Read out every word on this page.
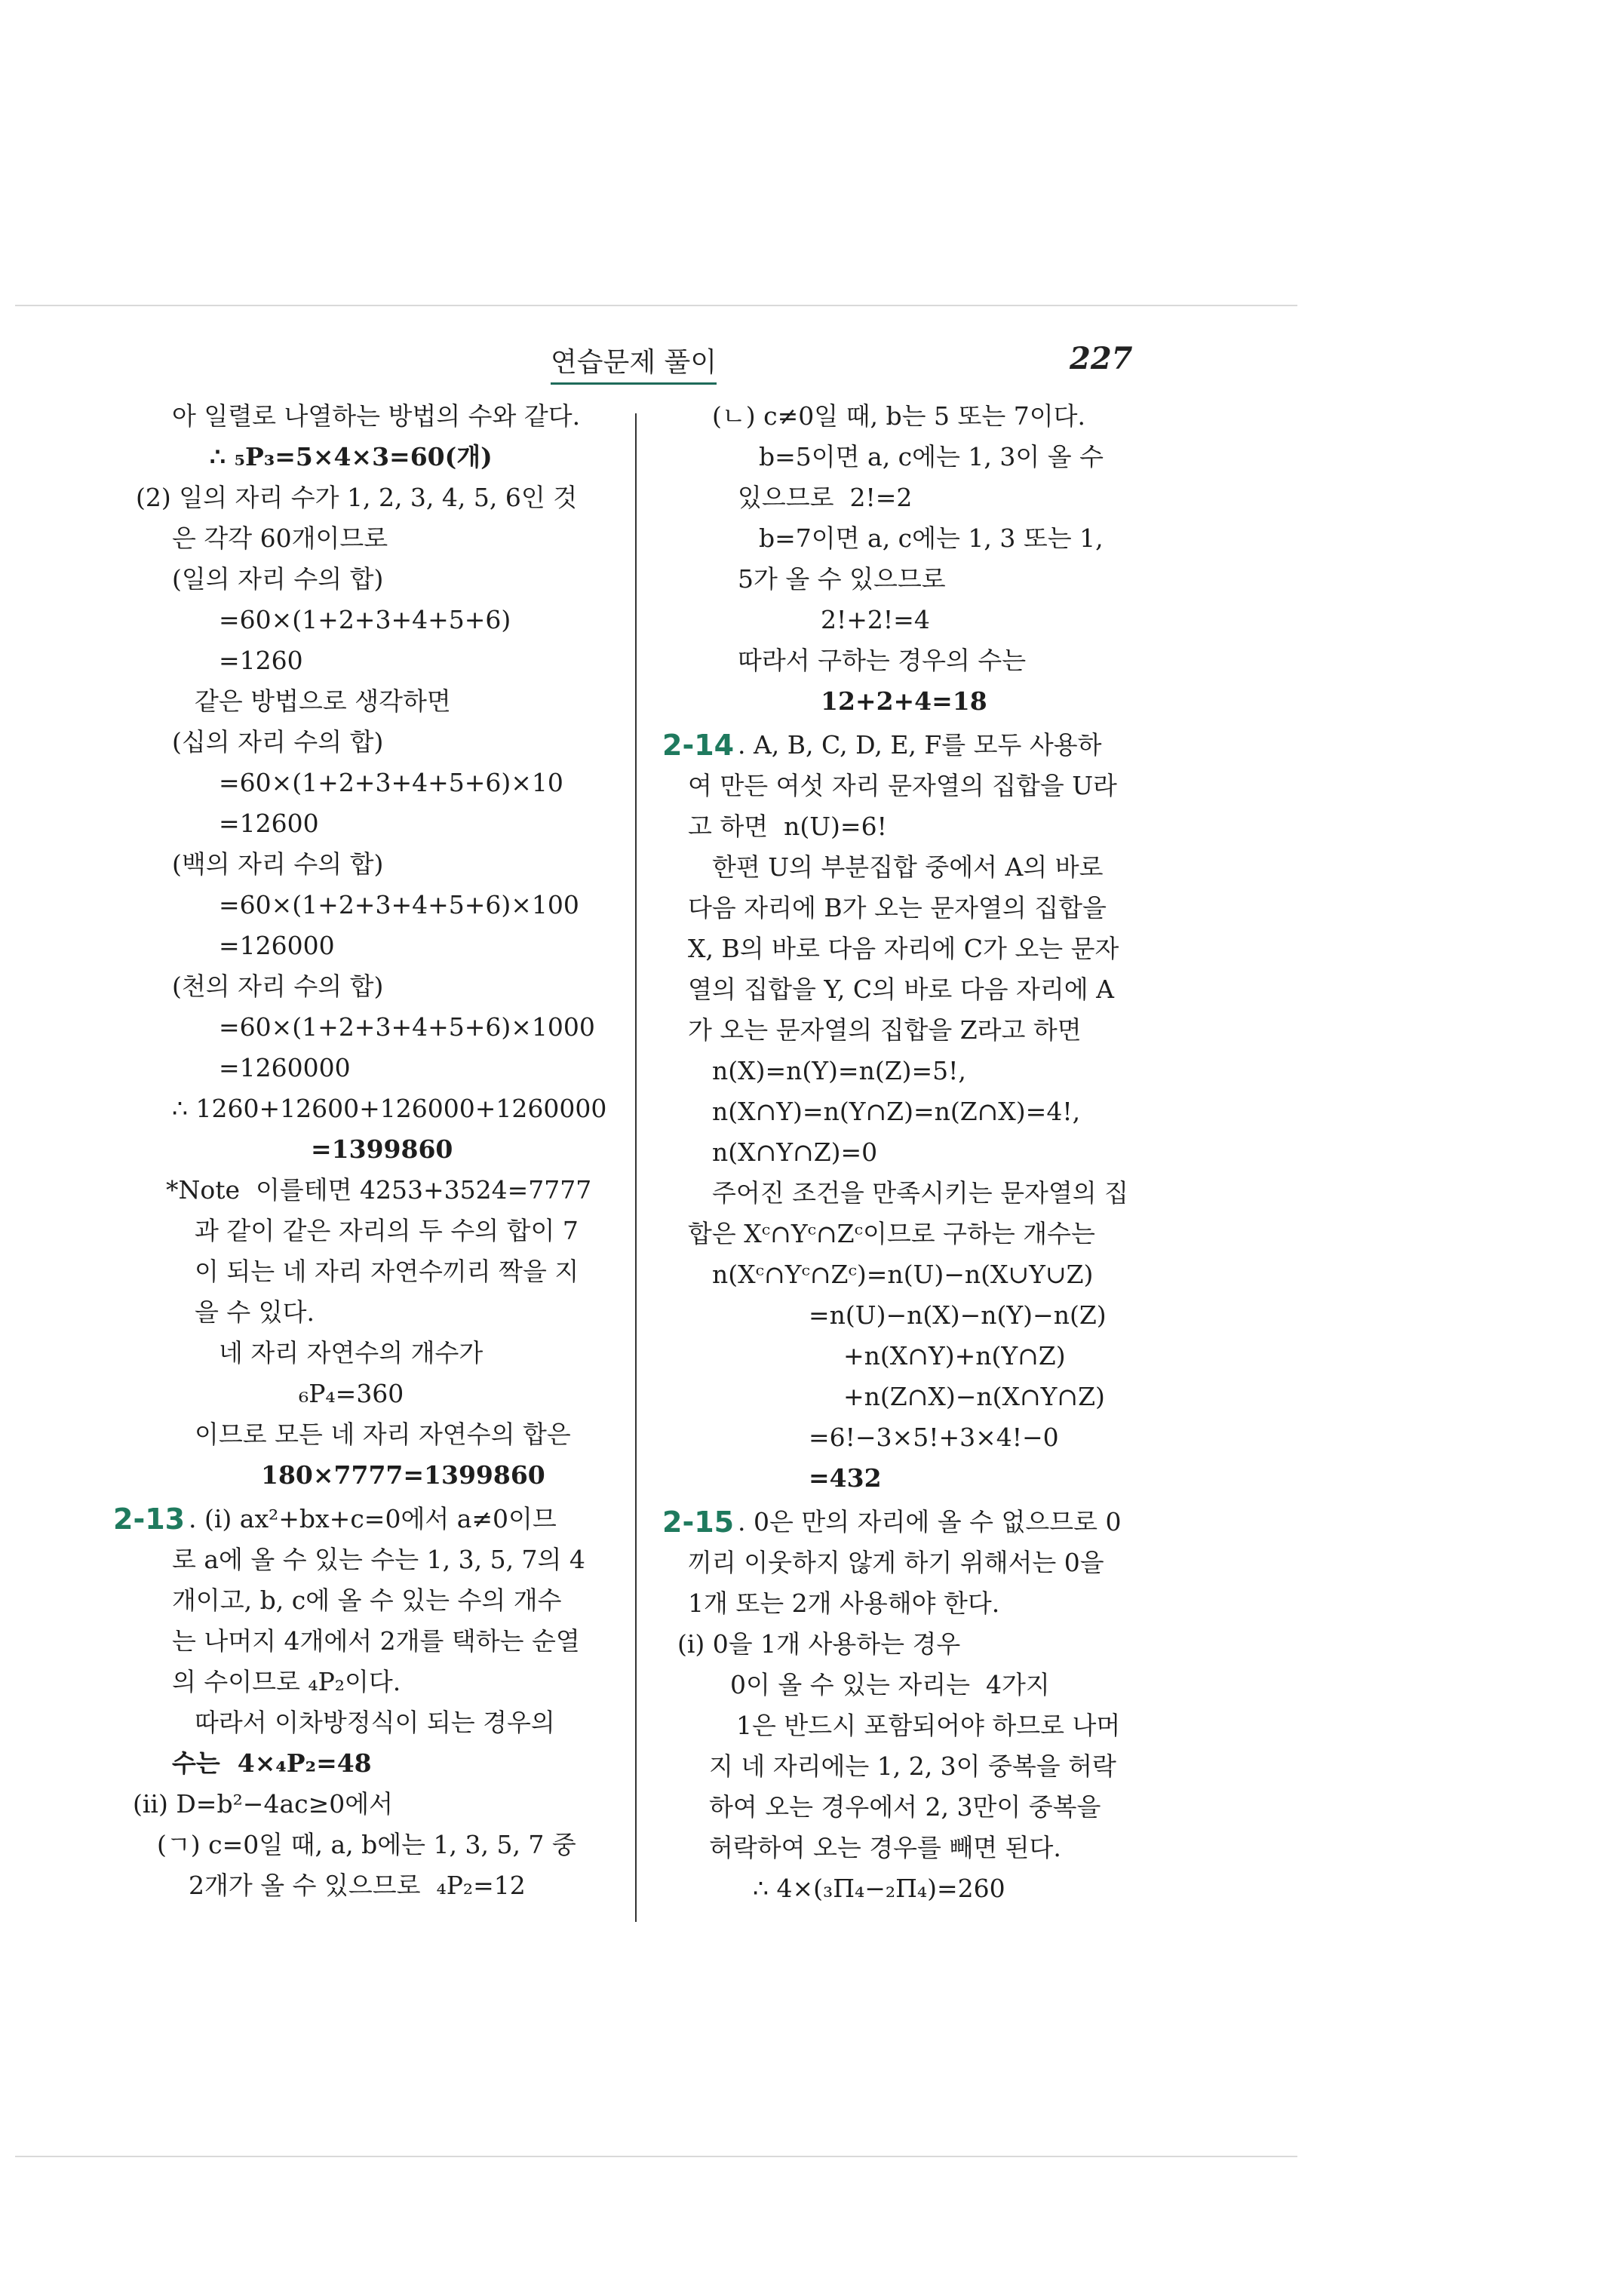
연습문제 풀이	227
아 일렬로 나열하는 방법의 수와 같다.
∴ ₅P₃=5×4×3=60(개)
(2) 일의 자리 수가 1, 2, 3, 4, 5, 6인 것
은 각각 60개이므로
(일의 자리 수의 합)
=60×(1+2+3+4+5+6)
=1260
같은 방법으로 생각하면
(십의 자리 수의 합)
=60×(1+2+3+4+5+6)×10
=12600
(백의 자리 수의 합)
=60×(1+2+3+4+5+6)×100
=126000
(천의 자리 수의 합)
=60×(1+2+3+4+5+6)×1000
=1260000
∴ 1260+12600+126000+1260000
=1399860
*Note  이를테면 4253+3524=7777
과 같이 같은 자리의 두 수의 합이 7
이 되는 네 자리 자연수끼리 짝을 지
을 수 있다.
네 자리 자연수의 개수가
₆P₄=360
이므로 모든 네 자리 자연수의 합은
180×7777=1399860
2-13 . (i) ax²+bx+c=0에서 a≠0이므
로 a에 올 수 있는 수는 1, 3, 5, 7의 4
개이고, b, c에 올 수 있는 수의 개수
는 나머지 4개에서 2개를 택하는 순열
의 수이므로 ₄P₂이다.
따라서 이차방정식이 되는 경우의
수는  4×₄P₂=48
(ii) D=b²−4ac≥0에서
(ㄱ) c=0일 때, a, b에는 1, 3, 5, 7 중
2개가 올 수 있으므로  ₄P₂=12
(ㄴ) c≠0일 때, b는 5 또는 7이다.
b=5이면 a, c에는 1, 3이 올 수
있으므로  2!=2
b=7이면 a, c에는 1, 3 또는 1,
5가 올 수 있으므로
2!+2!=4
따라서 구하는 경우의 수는
12+2+4=18
2-14 . A, B, C, D, E, F를 모두 사용하
여 만든 여섯 자리 문자열의 집합을 U라
고 하면  n(U)=6!
한편 U의 부분집합 중에서 A의 바로
다음 자리에 B가 오는 문자열의 집합을
X, B의 바로 다음 자리에 C가 오는 문자
열의 집합을 Y, C의 바로 다음 자리에 A
가 오는 문자열의 집합을 Z라고 하면
n(X)=n(Y)=n(Z)=5!,
n(X∩Y)=n(Y∩Z)=n(Z∩X)=4!,
n(X∩Y∩Z)=0
주어진 조건을 만족시키는 문자열의 집
합은 Xᶜ∩Yᶜ∩Zᶜ이므로 구하는 개수는
n(Xᶜ∩Yᶜ∩Zᶜ)=n(U)−n(X∪Y∪Z)
=n(U)−n(X)−n(Y)−n(Z)
+n(X∩Y)+n(Y∩Z)
+n(Z∩X)−n(X∩Y∩Z)
=6!−3×5!+3×4!−0
=432
2-15 . 0은 만의 자리에 올 수 없으므로 0
끼리 이웃하지 않게 하기 위해서는 0을
1개 또는 2개 사용해야 한다.
(i) 0을 1개 사용하는 경우
0이 올 수 있는 자리는  4가지
1은 반드시 포함되어야 하므로 나머
지 네 자리에는 1, 2, 3이 중복을 허락
하여 오는 경우에서 2, 3만이 중복을
허락하여 오는 경우를 빼면 된다.
∴ 4×(₃Π₄−₂Π₄)=260
